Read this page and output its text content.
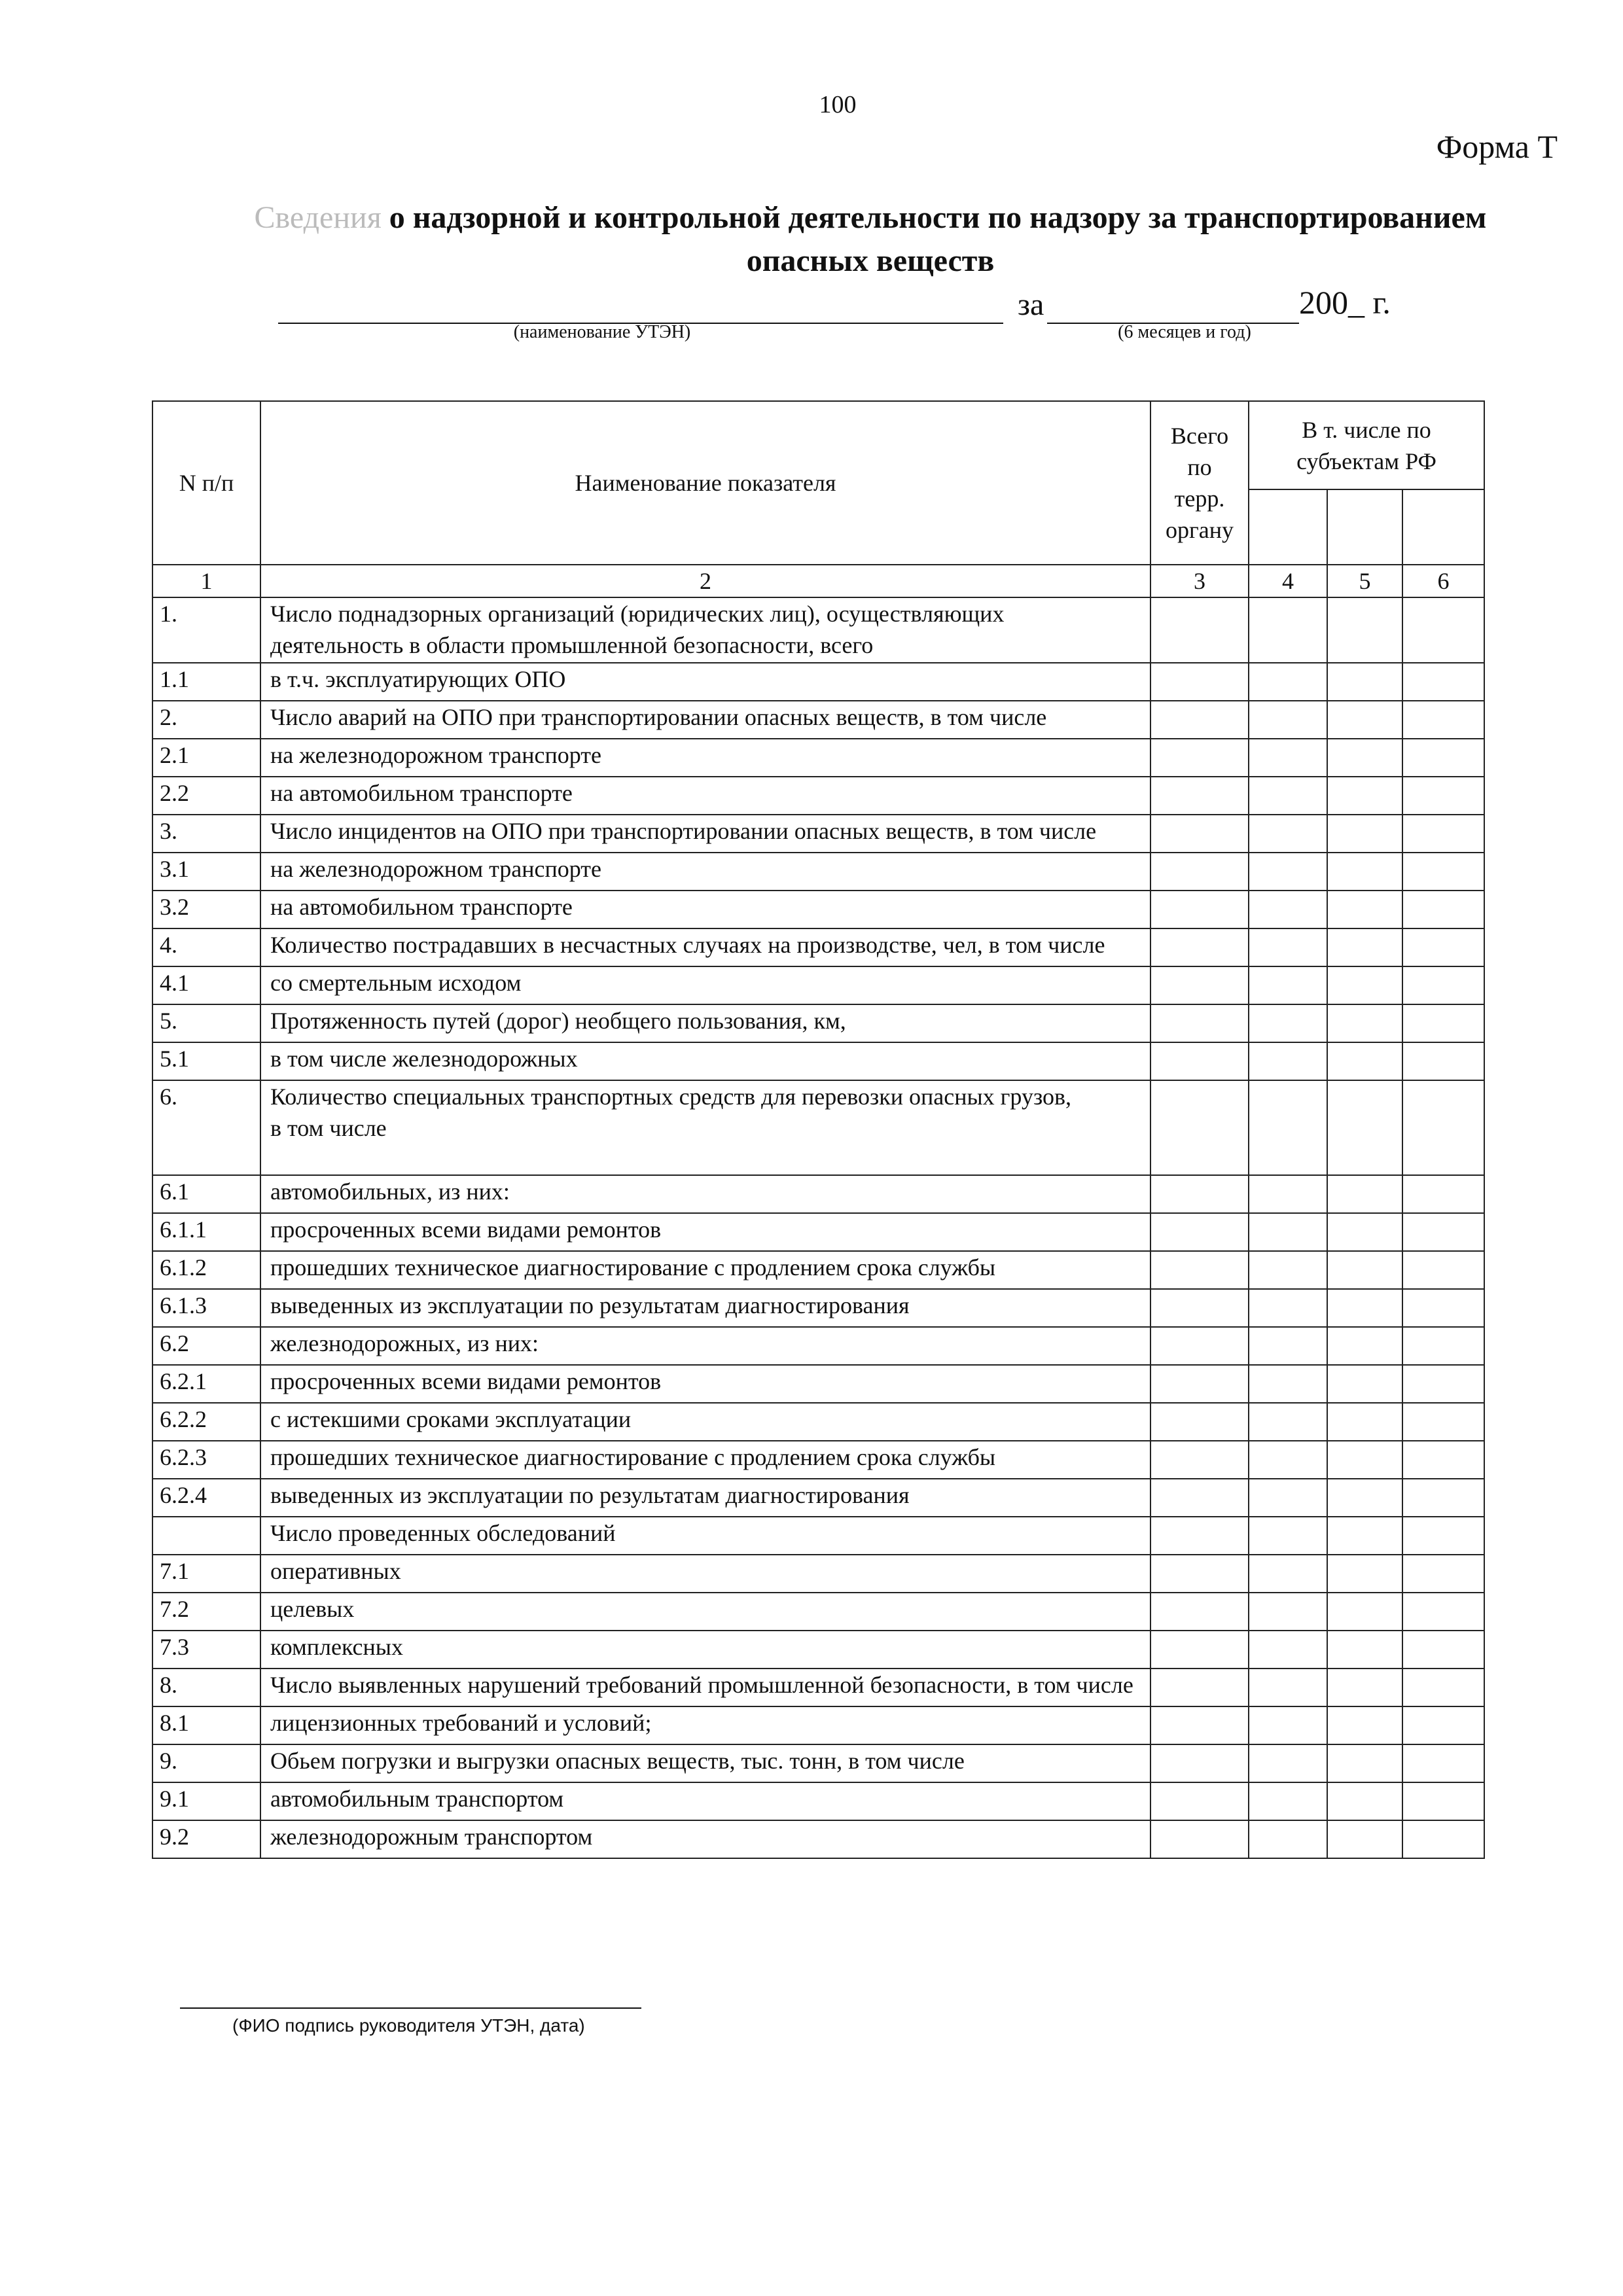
100
Форма Т
Сведения о надзорной и контрольной деятельности по надзору за транспортированием
опасных веществ
(наименование УТЭН)
за
(6 месяцев и год)
200_ г.
N п/п	Наименование показателя	Всего по терр. органу	В т. числе по субъектам РФ		

1	2	3	4	5	6
1.	Число поднадзорных организаций (юридических лиц), осуществляющих деятельность в области промышленной безопасности, всего				
1.1	в т.ч. эксплуатирующих ОПО				
2.	Число аварий на ОПО при транспортировании опасных веществ, в том числе				
2.1	на железнодорожном транспорте				
2.2	на автомобильном транспорте				
3.	Число инцидентов на ОПО при транспортировании опасных веществ, в том числе				
3.1	на железнодорожном транспорте				
3.2	на автомобильном транспорте				
4.	Количество пострадавших в несчастных случаях на производстве, чел, в том числе				
4.1	со смертельным исходом				
5.	Протяженность путей (дорог) необщего пользования, км,				
5.1	в том числе железнодорожных				
6.	Количество специальных транспортных средств для перевозки опасных грузов,
в том числе				
6.1	автомобильных, из них:				
6.1.1	просроченных всеми видами ремонтов				
6.1.2	прошедших техническое диагностирование с продлением срока службы				
6.1.3	выведенных из эксплуатации по результатам диагностирования				
6.2	железнодорожных, из них:				
6.2.1	просроченных всеми видами ремонтов				
6.2.2	с истекшими сроками эксплуатации				
6.2.3	прошедших техническое диагностирование с продлением срока службы				
6.2.4	выведенных из эксплуатации по результатам диагностирования				
	Число проведенных обследований				
7.1	оперативных				
7.2	целевых				
7.3	комплексных				
8.	Число выявленных нарушений требований промышленной безопасности, в том числе				
8.1	лицензионных требований и условий;				
9.	Обьем погрузки и выгрузки опасных веществ, тыс. тонн, в том числе				
9.1	автомобильным транспортом				
9.2	железнодорожным транспортом				
(ФИО подпись руководителя УТЭН, дата)
